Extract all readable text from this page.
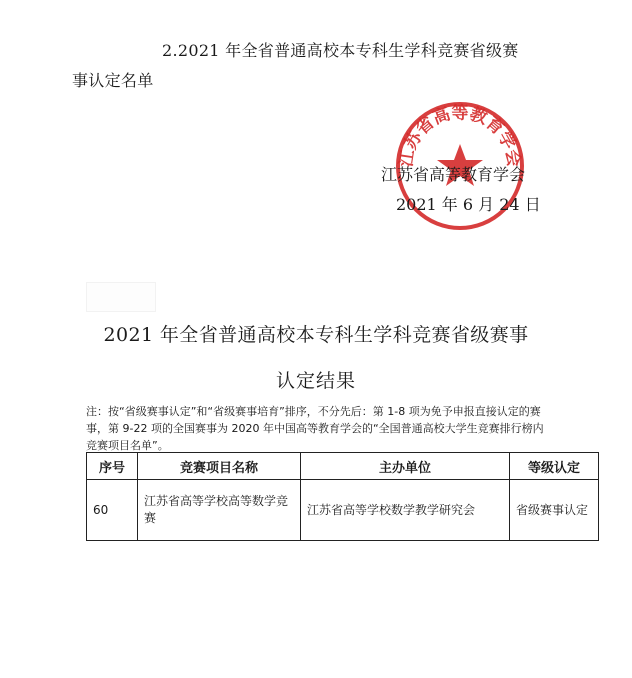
2.2021 年全省普通高校本专科生学科竞赛省级赛
事认定名单
江苏省高等教育学会
江苏省高等教育学会
2021 年 6 月 24 日
2021 年全省普通高校本专科生学科竞赛省级赛事
认定结果
注：按“省级赛事认定”和“省级赛事培育”排序，不分先后：第 1-8 项为免予申报直接认定的赛事，第 9-22 项的全国赛事为 2020 年中国高等教育学会的“全国普通高校大学生竞赛排行榜内竞赛项目名单”。
序号	竞赛项目名称	主办单位	等级认定
60	江苏省高等学校高等数学竞赛	江苏省高等学校数学教学研究会	省级赛事认定
